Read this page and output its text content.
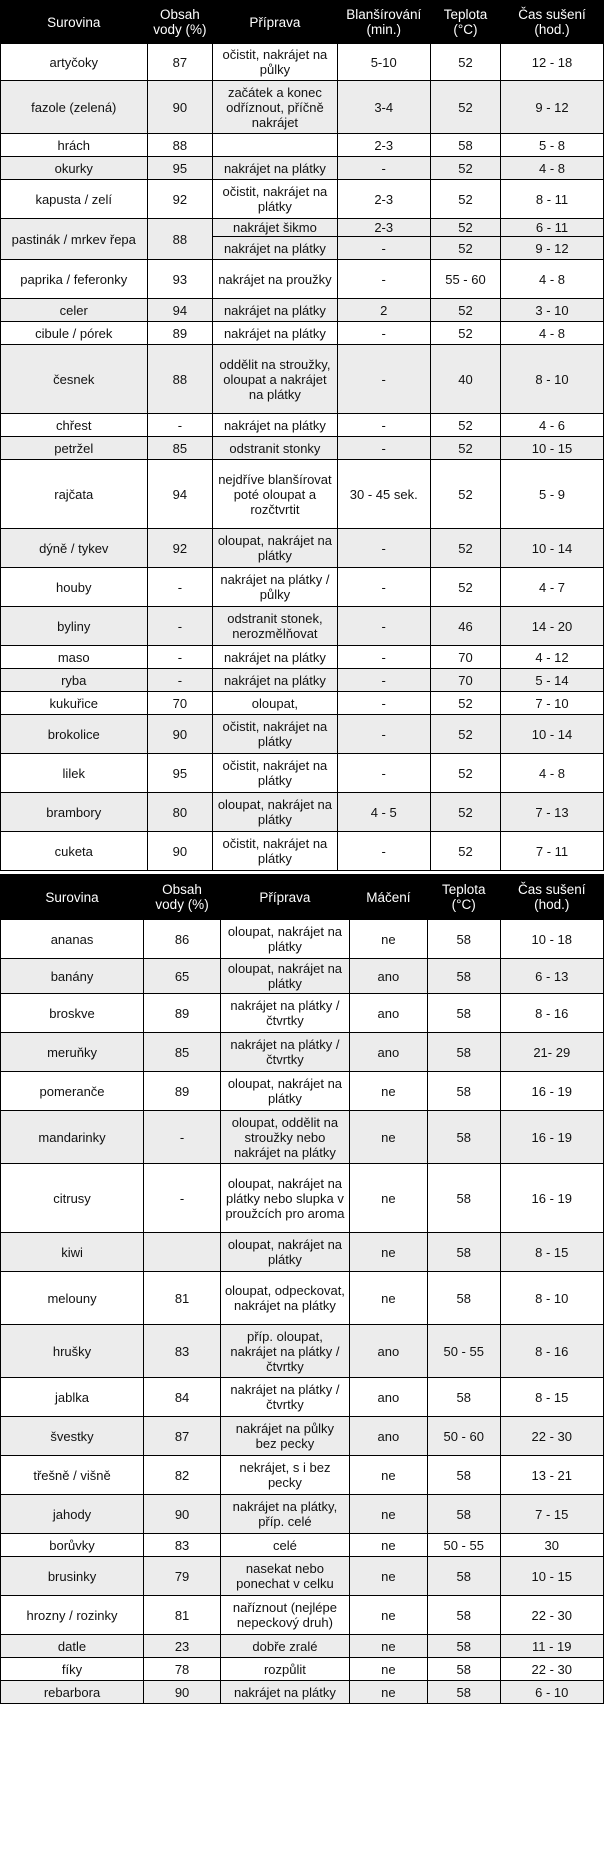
Surovina	Obsah vody (%)	Příprava	Blanšírování (min.)	Teplota (°C)	Čas sušení (hod.)
artyčoky	87	očistit, nakrájet na půlky	5-10	52	12 - 18
fazole (zelená)	90	začátek a konec odříznout, příčně nakrájet	3-4	52	9 - 12
hrách	88		2-3	58	5 - 8
okurky	95	nakrájet na plátky	-	52	4 - 8
kapusta / zelí	92	očistit, nakrájet na plátky	2-3	52	8 - 11
pastinák / mrkev řepa	88	nakrájet šikmo	2-3	52	6 - 11
		nakrájet na plátky	-	52	9 - 12
paprika / feferonky	93	nakrájet na proužky	-	55 - 60	4 - 8
celer	94	nakrájet na plátky	2	52	3 - 10
cibule / pórek	89	nakrájet na plátky	-	52	4 - 8
česnek	88	oddělit na stroužky, oloupat a nakrájet na plátky	-	40	8 - 10
chřest	-	nakrájet na plátky	-	52	4 - 6
petržel	85	odstranit stonky	-	52	10 - 15
rajčata	94	nejdříve blanšírovat poté oloupat a rozčtvrtit	30 - 45 sek.	52	5 - 9
dýně / tykev	92	oloupat, nakrájet na plátky	-	52	10 - 14
houby	-	nakrájet na plátky / půlky	-	52	4 - 7
byliny	-	odstranit stonek, nerozmělňovat	-	46	14 - 20
maso	-	nakrájet na plátky	-	70	4 - 12
ryba	-	nakrájet na plátky	-	70	5 - 14
kukuřice	70	oloupat,	-	52	7 - 10
brokolice	90	očistit, nakrájet na plátky	-	52	10 - 14
lilek	95	očistit, nakrájet na plátky	-	52	4 - 8
brambory	80	oloupat, nakrájet na plátky	4 - 5	52	7 - 13
cuketa	90	očistit, nakrájet na plátky	-	52	7 - 11
Surovina	Obsah vody (%)	Příprava	Máčení	Teplota (°C)	Čas sušení (hod.)
ananas	86	oloupat, nakrájet na plátky	ne	58	10 - 18
banány	65	oloupat, nakrájet na plátky	ano	58	6 - 13
broskve	89	nakrájet na plátky / čtvrtky	ano	58	8 - 16
meruňky	85	nakrájet na plátky / čtvrtky	ano	58	21- 29
pomeranče	89	oloupat, nakrájet na plátky	ne	58	16 - 19
mandarinky	-	oloupat, oddělit na stroužky nebo nakrájet na plátky	ne	58	16 - 19
citrusy	-	oloupat, nakrájet na plátky nebo slupka v proužcích pro aroma	ne	58	16 - 19
kiwi		oloupat, nakrájet na plátky	ne	58	8 - 15
melouny	81	oloupat, odpeckovat, nakrájet na plátky	ne	58	8 - 10
hrušky	83	příp. oloupat, nakrájet na plátky / čtvrtky	ano	50 - 55	8 - 16
jablka	84	nakrájet na plátky / čtvrtky	ano	58	8 - 15
švestky	87	nakrájet na půlky bez pecky	ano	50 - 60	22 - 30
třešně / višně	82	nekrájet, s i bez pecky	ne	58	13 - 21
jahody	90	nakrájet na plátky, příp. celé	ne	58	7 - 15
borůvky	83	celé	ne	50 - 55	30
brusinky	79	nasekat nebo ponechat v celku	ne	58	10 - 15
hrozny / rozinky	81	naříznout (nejlépe nepeckový druh)	ne	58	22 - 30
datle	23	dobře zralé	ne	58	11 - 19
fíky	78	rozpůlit	ne	58	22 - 30
rebarbora	90	nakrájet na plátky	ne	58	6 - 10
